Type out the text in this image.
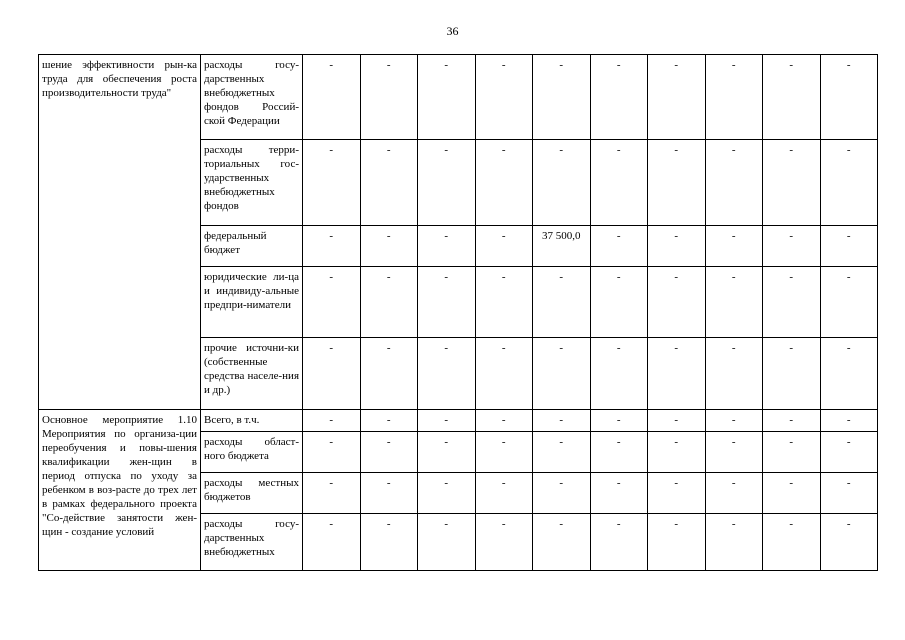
36
шение эффективности рын-ка труда для обеспечения роста производительности труда"	расходы госу-дарственных внебюджетных фондов Россий-ской Федерации	-	-	-	-	-	-	-	-	-	-
	расходы терри-ториальных гос-ударственных внебюджетных фондов	-	-	-	-	-	-	-	-	-	-
	федеральный бюджет	-	-	-	-	37 500,0	-	-	-	-	-
	юридические ли-ца и индивиду-альные предпри-ниматели	-	-	-	-	-	-	-	-	-	-
	прочие источни-ки (собственные средства населе-ния и др.)	-	-	-	-	-	-	-	-	-	-
Основное мероприятие 1.10 Мероприятия по организа-ции переобучения и повы-шения квалификации жен-щин в период отпуска по уходу за ребенком в воз-расте до трех лет в рамках федерального проекта "Со-действие занятости жен-щин - создание условий	Всего, в т.ч.	-	-	-	-	-	-	-	-	-	-
	расходы област-ного бюджета	-	-	-	-	-	-	-	-	-	-
	расходы местных бюджетов	-	-	-	-	-	-	-	-	-	-
	расходы госу-дарственных внебюджетных	-	-	-	-	-	-	-	-	-	-
